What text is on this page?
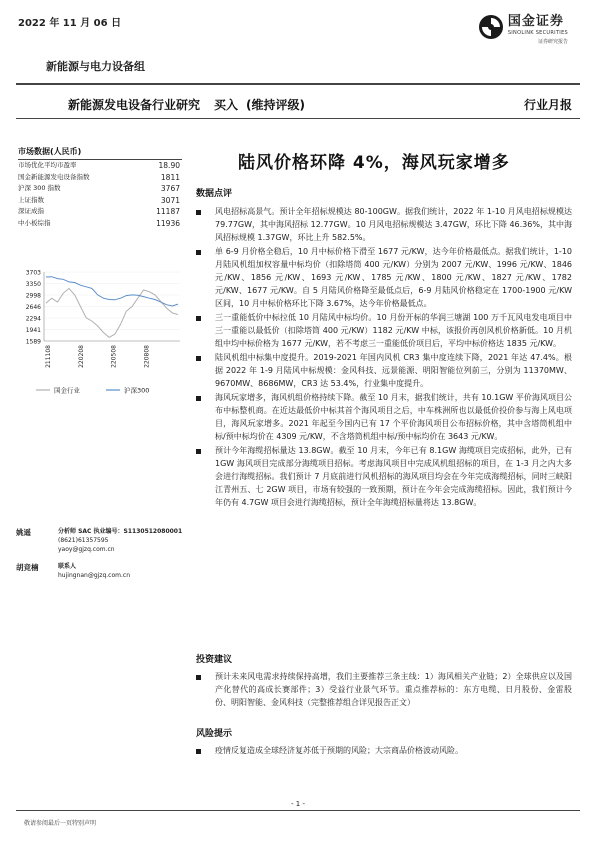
2022 年 11 月 06 日	国金证券
SINOLINK SECURITIES
证券研究报告
新能源与电力设备组
新能源发电设备行业研究 买入 (维持评级)	行业月报
市场数据(人民币)
市场优化平均市盈率	18.90
国金新能源发电设备指数	1811
沪深 300 指数	3767
上证指数	3071
深证成指	11187
中小板综指	11936
3703
3350
2998
2646
2294
1941
1589
211108	220208	220508	220808
国金行业	沪深300
姚遥	分析师 SAC 执业编号：S1130512080001
(8621)61357595
yaoy@gjzq.com.cn
胡竞楠	联系人
hujingnan@gjzq.com.cn
陆风价格环降 4%，海风玩家增多
数据点评
风电招标高景气。预计全年招标规模达 80-100GW。据我们统计，2022 年 1-10 月风电招标规模达 79.77GW，其中海风招标 12.77GW。10 月风电招标规模达 3.47GW，环比下降 46.36%，其中海风招标规模 1.37GW，环比上升 582.5%。
单 6-9 月价格全稳后，10 月中标价格下滑至 1677 元/KW，达今年价格最低点。据我们统计，1-10 月陆风机组加权容量中标均价（扣除塔筒 400 元/KW）分别为 2007 元/KW、1996 元/KW、1846 元/KW、1856 元/KW、1693 元/KW、1785 元/KW、1800 元/KW、1827 元/KW、1782 元/KW、1677 元/KW。自 5 月陆风价格降至最低点后，6-9 月陆风价格稳定在 1700-1900 元/KW 区间，10 月中标价格环比下降 3.67%，达今年价格最低点。
三一重能低价中标拉低 10 月陆风中标均价。10 月份开标的华润三塘湖 100 万千瓦风电发电项目中三一重能以最低价（扣除塔筒 400 元/KW）1182 元/KW 中标，该报价再创风机价格新低。10 月机组中均中标价格为 1677 元/KW，若不考虑三一重能低价项目后，平均中标价格达 1835 元/KW。
陆风机组中标集中度提升。2019-2021 年国内风机 CR3 集中度连续下降，2021 年达 47.4%。根据 2022 年 1-9 月陆风中标规模：金风科技、远景能源、明阳智能位列前三，分别为 11370MW、9670MW、8686MW，CR3 达 53.4%，行业集中度提升。
海风玩家增多，海风机组价格持续下降。截至 10 月末，据我们统计，共有 10.1GW 平价海风项目公布中标整机商。在近达最低价中标其首个海风项目之后，中车株洲所也以最低价投价参与海上风电项目，海风玩家增多。2021 年起至今国内已有 17 个平价海风项目公布招标价格，其中含塔筒机组中标/预中标均价在 4309 元/KW，不含塔筒机组中标/预中标均价在 3643 元/KW。
预计今年海缆招标量达 13.8GW。截至 10 月末，今年已有 8.1GW 海缆项目完成招标，此外，已有 1GW 海风项目完成部分海缆项目招标。考虑海风项目中完成风机组招标的项目，在 1-3 月之内大多会进行海缆招标。我们预计 7 月底前进行风机招标的海风项目均会在今年完成海缆招标，同时三峡阳江青州五、七 2GW 项目，市场有较强的一致预期，预计在今年会完成海缆招标。因此，我们预计今年仍有 4.7GW 项目会进行海缆招标，预计全年海缆招标量将达 13.8GW。
投资建议
预计未来风电需求持续保持高增，我们主要推荐三条主线：1）海风相关产业链；2）全球供应以及国产化替代的高成长赛部件；3）受益行业景气环节。重点推荐标的：东方电缆、日月股份、金雷股份、明阳智能、金风科技（完整推荐组合详见报告正文）
风险提示
疫情反复造成全球经济复苏低于预期的风险；大宗商品价格波动风险。
- 1 -
敬请参阅最后一页特别声明
